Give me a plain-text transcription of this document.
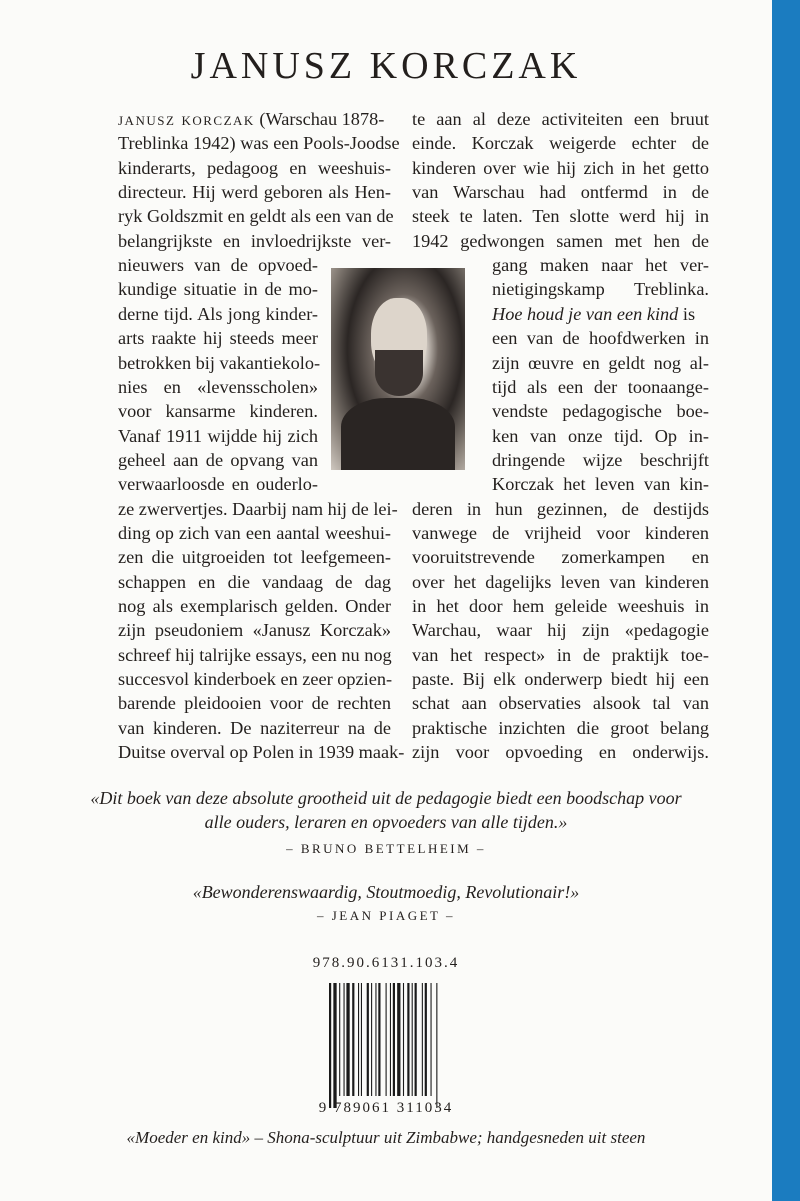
JANUSZ KORCZAK
janusz korczak (Warschau 1878-
Treblinka 1942) was een Pools-Joodse
kinderarts, pedagoog en weeshuis-
directeur. Hij werd geboren als Hen-
ryk Goldszmit en geldt als een van de
belangrijkste en invloedrijkste ver-
nieuwers van de opvoed-
kundige situatie in de mo-
derne tijd. Als jong kinder-
arts raakte hij steeds meer
betrokken bij vakantiekolo-
nies en «levensscholen»
voor kansarme kinderen.
Vanaf 1911 wijdde hij zich
geheel aan de opvang van
verwaarloosde en ouderlo-
ze zwervertjes. Daarbij nam hij de lei-
ding op zich van een aantal weeshui-
zen die uitgroeiden tot leefgemeen-
schappen en die vandaag de dag
nog als exemplarisch gelden. Onder
zijn pseudoniem «Janusz Korczak»
schreef hij talrijke essays, een nu nog
succesvol kinderboek en zeer opzien-
barende pleidooien voor de rechten
van kinderen. De naziterreur na de
Duitse overval op Polen in 1939 maak-
te aan al deze activiteiten een bruut
einde. Korczak weigerde echter de
kinderen over wie hij zich in het getto
van Warschau had ontfermd in de
steek te laten. Ten slotte werd hij in
1942 gedwongen samen met hen de
gang maken naar het ver-
nietigingskamp Treblinka.
Hoe houd je van een kind is
een van de hoofdwerken in
zijn œuvre en geldt nog al-
tijd als een der toonaange-
vendste pedagogische boe-
ken van onze tijd. Op in-
dringende wijze beschrijft
Korczak het leven van kin-
deren in hun gezinnen, de destijds
vanwege de vrijheid voor kinderen
vooruitstrevende zomerkampen en
over het dagelijks leven van kinderen
in het door hem geleide weeshuis in
Warchau, waar hij zijn «pedagogie
van het respect» in de praktijk toe-
paste. Bij elk onderwerp biedt hij een
schat aan observaties alsook tal van
praktische inzichten die groot belang
zijn voor opvoeding en onderwijs.
«Dit boek van deze absolute grootheid uit de pedagogie biedt een boodschap voor
alle ouders, leraren en opvoeders van alle tijden.»
– BRUNO BETTELHEIM –
«Bewonderenswaardig, Stoutmoedig, Revolutionair!»
– JEAN PIAGET –
978.90.6131.103.4
9 789061 311034
«Moeder en kind» – Shona-sculptuur uit Zimbabwe; handgesneden uit steen
